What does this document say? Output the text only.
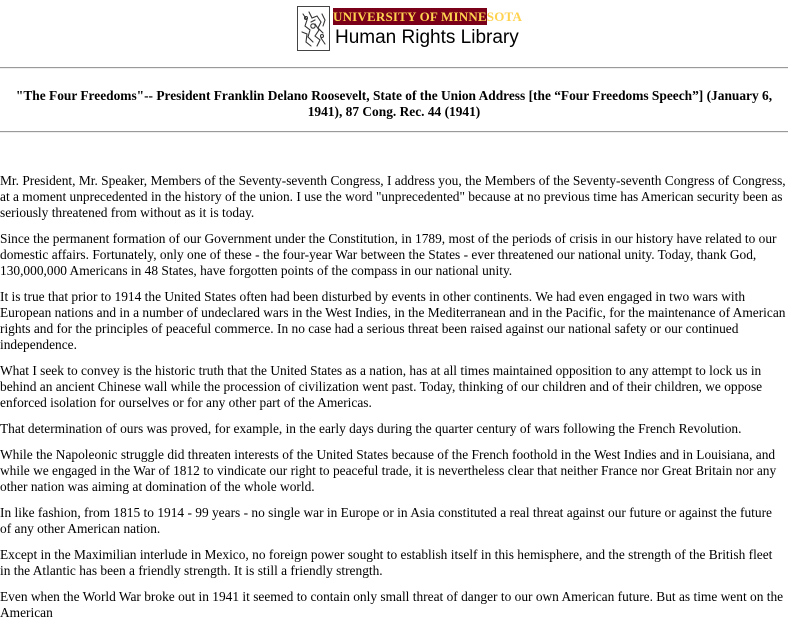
UNIVERSITY OF MINNESOTA
Human Rights Library
"The Four Freedoms"-- President Franklin Delano Roosevelt, State of the Union Address [the “Four Freedoms Speech”] (January 6, 1941), 87 Cong. Rec. 44 (1941)

Mr. President, Mr. Speaker, Members of the Seventy-seventh Congress, I address you, the Members of the Seventy-seventh Congress of Congress, at a moment unprecedented in the history of the union. I use the word "unprecedented" because at no previous time has American security been as seriously threatened from without as it is today.

Since the permanent formation of our Government under the Constitution, in 1789, most of the periods of crisis in our history have related to our domestic affairs. Fortunately, only one of these - the four-year War between the States - ever threatened our national unity. Today, thank God, 130,000,000 Americans in 48 States, have forgotten points of the compass in our national unity.

It is true that prior to 1914 the United States often had been disturbed by events in other continents. We had even engaged in two wars with European nations and in a number of undeclared wars in the West Indies, in the Mediterranean and in the Pacific, for the maintenance of American rights and for the principles of peaceful commerce. In no case had a serious threat been raised against our national safety or our continued independence.

What I seek to convey is the historic truth that the United States as a nation, has at all times maintained opposition to any attempt to lock us in behind an ancient Chinese wall while the procession of civilization went past. Today, thinking of our children and of their children, we oppose enforced isolation for ourselves or for any other part of the Americas.

That determination of ours was proved, for example, in the early days during the quarter century of wars following the French Revolution.

While the Napoleonic struggle did threaten interests of the United States because of the French foothold in the West Indies and in Louisiana, and while we engaged in the War of 1812 to vindicate our right to peaceful trade, it is nevertheless clear that neither France nor Great Britain nor any other nation was aiming at domination of the whole world.

In like fashion, from 1815 to 1914 - 99 years - no single war in Europe or in Asia constituted a real threat against our future or against the future of any other American nation.

Except in the Maximilian interlude in Mexico, no foreign power sought to establish itself in this hemisphere, and the strength of the British fleet in the Atlantic has been a friendly strength. It is still a friendly strength.

Even when the World War broke out in 1941 it seemed to contain only small threat of danger to our own American future. But as time went on the American
